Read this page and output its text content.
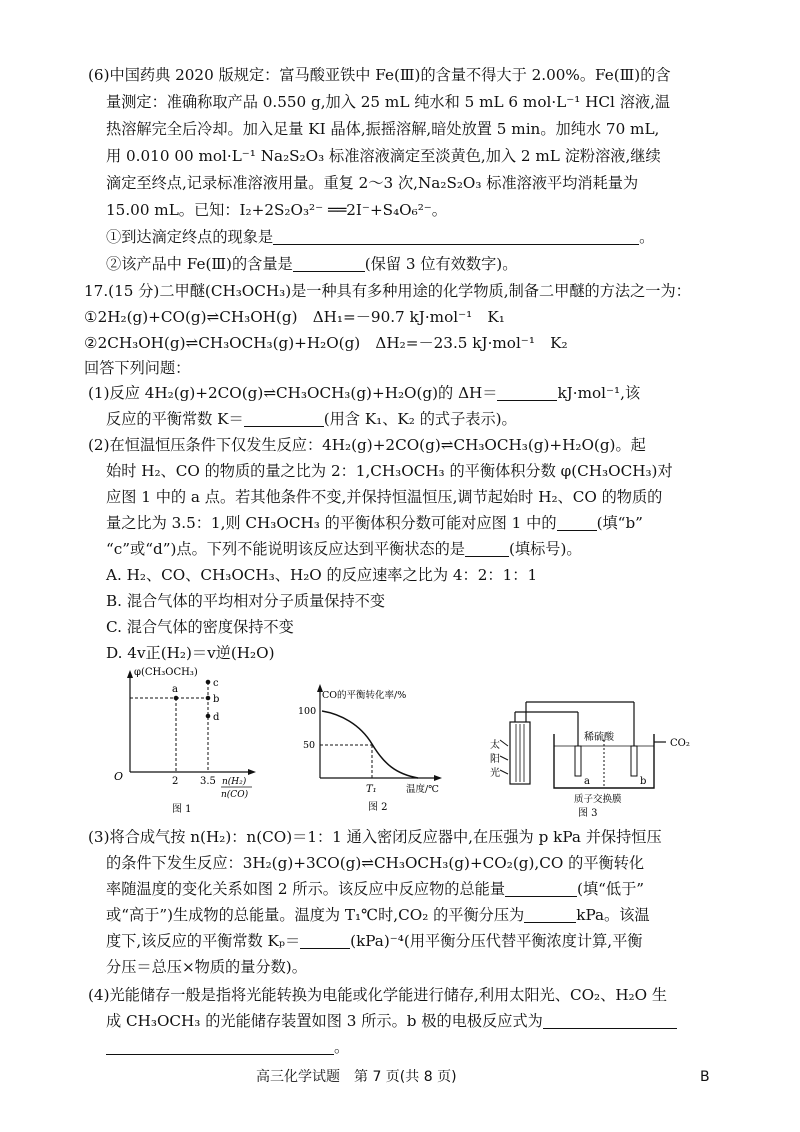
(6)中国药典 2020 版规定：富马酸亚铁中 Fe(Ⅲ)的含量不得大于 2.00%。Fe(Ⅲ)的含
量测定：准确称取产品 0.550 g,加入 25 mL 纯水和 5 mL 6 mol·L⁻¹ HCl 溶液,温
热溶解完全后冷却。加入足量 KI 晶体,振摇溶解,暗处放置 5 min。加纯水 70 mL,
用 0.010 00 mol·L⁻¹ Na₂S₂O₃ 标准溶液滴定至淡黄色,加入 2 mL 淀粉溶液,继续
滴定至终点,记录标准溶液用量。重复 2～3 次,Na₂S₂O₃ 标准溶液平均消耗量为
15.00 mL。已知：I₂+2S₂O₃²⁻ ══2I⁻+S₄O₆²⁻。
①到达滴定终点的现象是	。
②该产品中 Fe(Ⅲ)的含量是	(保留 3 位有效数字)。
17.(15 分)二甲醚(CH₃OCH₃)是一种具有多种用途的化学物质,制备二甲醚的方法之一为：
①2H₂(g)+CO(g)⇌CH₃OH(g)　ΔH₁=－90.7 kJ·mol⁻¹　K₁
②2CH₃OH(g)⇌CH₃OCH₃(g)+H₂O(g)　ΔH₂=－23.5 kJ·mol⁻¹　K₂
回答下列问题：
(1)反应 4H₂(g)+2CO(g)⇌CH₃OCH₃(g)+H₂O(g)的 ΔH＝	kJ·mol⁻¹,该
反应的平衡常数 K＝	(用含 K₁、K₂ 的式子表示)。
(2)在恒温恒压条件下仅发生反应：4H₂(g)+2CO(g)⇌CH₃OCH₃(g)+H₂O(g)。起
始时 H₂、CO 的物质的量之比为 2：1,CH₃OCH₃ 的平衡体积分数 φ(CH₃OCH₃)对
应图 1 中的 a 点。若其他条件不变,并保持恒温恒压,调节起始时 H₂、CO 的物质的
量之比为 3.5：1,则 CH₃OCH₃ 的平衡体积分数可能对应图 1 中的	(填“b”
“c”或“d”)点。下列不能说明该反应达到平衡状态的是	(填标号)。
A. H₂、CO、CH₃OCH₃、H₂O 的反应速率之比为 4：2：1：1
B. 混合气体的平均相对分子质量保持不变
C. 混合气体的密度保持不变
D. 4v正(H₂)＝v逆(H₂O)
φ(CH₃OCH₃)
O
a
c
b
d
2 3.5 n(H₂)
n(CO)
图 1
CO的平衡转化率/%
100
50
T₁	温度/℃
图 2
太
阳
光
稀硫酸
CO₂
a	b
质子交换膜
图 3
(3)将合成气按 n(H₂)：n(CO)＝1：1 通入密闭反应器中,在压强为 p kPa 并保持恒压
的条件下发生反应：3H₂(g)+3CO(g)⇌CH₃OCH₃(g)+CO₂(g),CO 的平衡转化
率随温度的变化关系如图 2 所示。该反应中反应物的总能量	(填“低于”
或“高于”)生成物的总能量。温度为 T₁℃时,CO₂ 的平衡分压为	kPa。该温
度下,该反应的平衡常数 Kₚ＝	(kPa)⁻⁴(用平衡分压代替平衡浓度计算,平衡
分压＝总压×物质的量分数)。
(4)光能储存一般是指将光能转换为电能或化学能进行储存,利用太阳光、CO₂、H₂O 生
成 CH₃OCH₃ 的光能储存装置如图 3 所示。b 极的电极反应式为
。
高三化学试题　第 7 页(共 8 页)	B
